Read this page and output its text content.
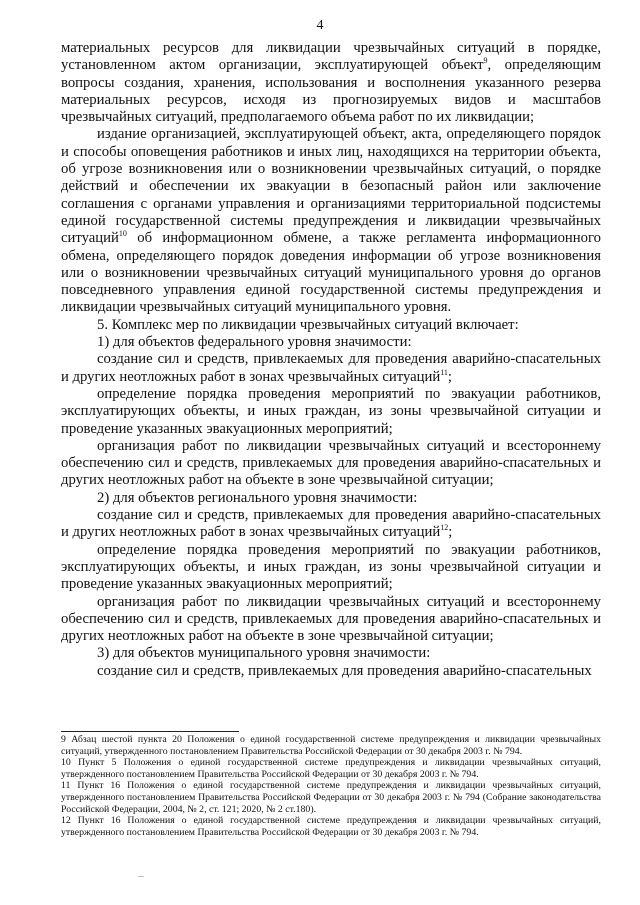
4

материальных ресурсов для ликвидации чрезвычайных ситуаций в порядке, установленном актом организации, эксплуатирующей объект$^9$, определяющим вопросы создания, хранения, использования и восполнения указанного резерва материальных ресурсов, исходя из прогнозируемых видов и масштабов чрезвычайных ситуаций, предполагаемого объема работ по их ликвидации;

издание организацией, эксплуатирующей объект, акта, определяющего порядок и способы оповещения работников и иных лиц, находящихся на территории объекта, об угрозе возникновения или о возникновении чрезвычайных ситуаций, о порядке действий и обеспечении их эвакуации в безопасный район или заключение соглашения с органами управления и организациями территориальной подсистемы единой государственной системы предупреждения и ликвидации чрезвычайных ситуаций$^{10}$ об информационном обмене, а также регламента информационного обмена, определяющего порядок доведения информации об угрозе возникновения или о возникновении чрезвычайных ситуаций муниципального уровня до органов повседневного управления единой государственной системы предупреждения и ликвидации чрезвычайных ситуаций муниципального уровня.

5. Комплекс мер по ликвидации чрезвычайных ситуаций включает:

1) для объектов федерального уровня значимости:

создание сил и средств, привлекаемых для проведения аварийно-спасательных и других неотложных работ в зонах чрезвычайных ситуаций$^{11}$;

определение порядка проведения мероприятий по эвакуации работников, эксплуатирующих объекты, и иных граждан, из зоны чрезвычайной ситуации и проведение указанных эвакуационных мероприятий;

организация работ по ликвидации чрезвычайных ситуаций и всестороннему обеспечению сил и средств, привлекаемых для проведения аварийно-спасательных и других неотложных работ на объекте в зоне чрезвычайной ситуации;

2) для объектов регионального уровня значимости:

создание сил и средств, привлекаемых для проведения аварийно-спасательных и других неотложных работ в зонах чрезвычайных ситуаций$^{12}$;

определение порядка проведения мероприятий по эвакуации работников, эксплуатирующих объекты, и иных граждан, из зоны чрезвычайной ситуации и проведение указанных эвакуационных мероприятий;

организация работ по ликвидации чрезвычайных ситуаций и всестороннему обеспечению сил и средств, привлекаемых для проведения аварийно-спасательных и других неотложных работ на объекте в зоне чрезвычайной ситуации;

3) для объектов муниципального уровня значимости:

создание сил и средств, привлекаемых для проведения аварийно-спасательных

9 Абзац шестой пункта 20 Положения о единой государственной системе предупреждения и ликвидации чрезвычайных ситуаций, утвержденного постановлением Правительства Российской Федерации от 30 декабря 2003 г. № 794.

10 Пункт 5 Положения о единой государственной системе предупреждения и ликвидации чрезвычайных ситуаций, утвержденного постановлением Правительства Российской Федерации от 30 декабря 2003 г. № 794.

11 Пункт 16 Положения о единой государственной системе предупреждения и ликвидации чрезвычайных ситуаций, утвержденного постановлением Правительства Российской Федерации от 30 декабря 2003 г. № 794 (Собрание законодательства Российской Федерации, 2004, № 2, ст. 121; 2020, № 2 ст.180).

12 Пункт 16 Положения о единой государственной системе предупреждения и ликвидации чрезвычайных ситуаций, утвержденного постановлением Правительства Российской Федерации от 30 декабря 2003 г. № 794.

...
